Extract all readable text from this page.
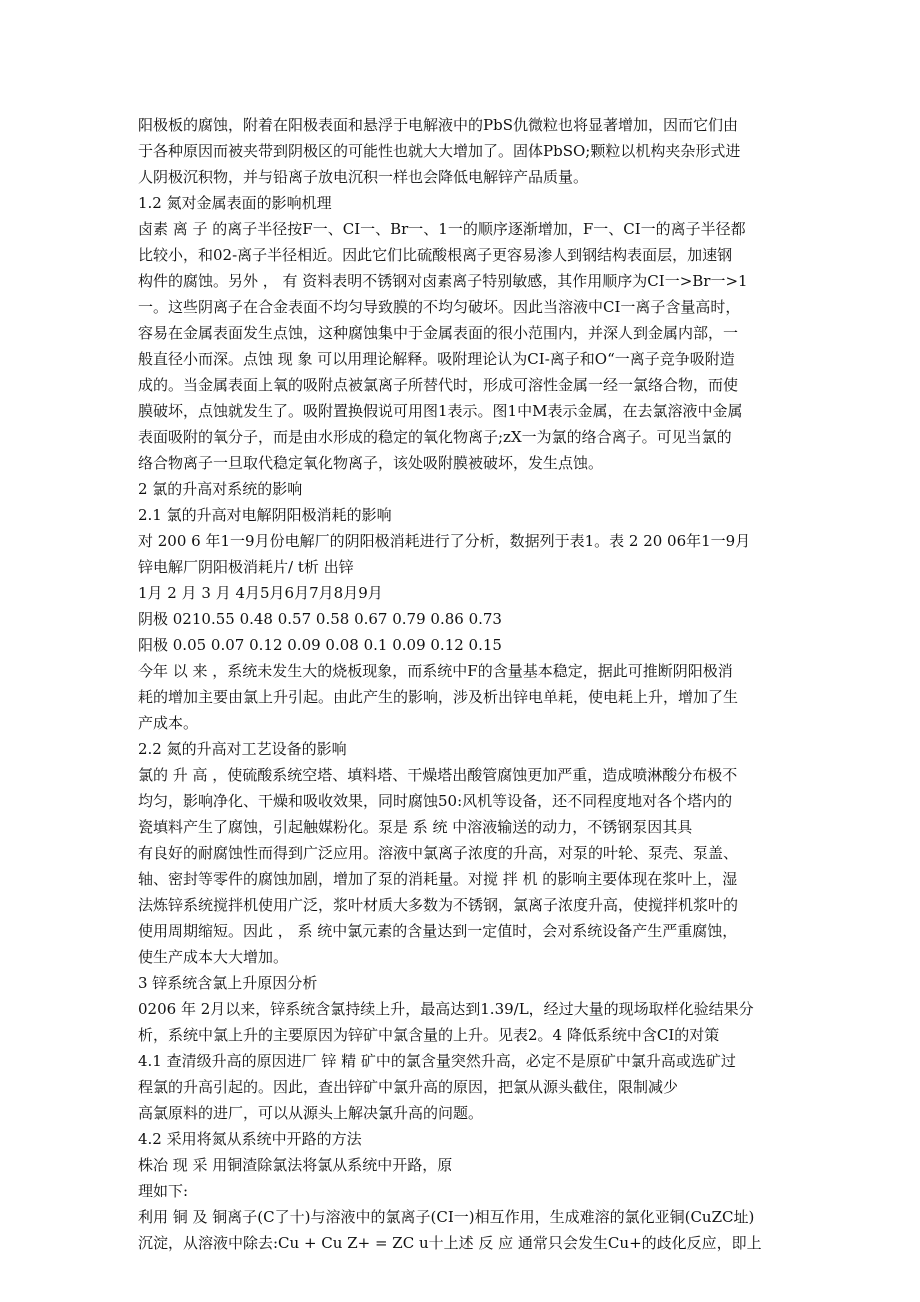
阳极板的腐蚀，附着在阳极表面和悬浮于电解液中的PbS仇微粒也将显著增加，因而它们由
于各种原因而被夹带到阴极区的可能性也就大大增加了。固体PbSO;颗粒以机构夹杂形式进
人阴极沉积物，并与铅离子放电沉积一样也会降低电解锌产品质量。
1.2 氮对金属表面的影响机理
卤素 离 子 的离子半径按F一、CI一、Br一、1一的顺序逐渐增加，F一、CI一的离子半径都
比较小，和02-离子半径相近。因此它们比硫酸根离子更容易渗人到钢结构表面层，加速钢
构件的腐蚀。另外 ， 有 资料表明不锈钢对卤素离子特别敏感，其作用顺序为CI一>Br一>1
一。这些阴离子在合金表面不均匀导致膜的不均匀破坏。因此当溶液中CI一离子含量高时，
容易在金属表面发生点蚀，这种腐蚀集中于金属表面的很小范围内，并深人到金属内部，一
般直径小而深。点蚀 现 象 可以用理论解释。吸附理论认为CI-离子和O“一离子竞争吸附造
成的。当金属表面上氧的吸附点被氯离子所替代时，形成可溶性金属一经一氯络合物，而使
膜破坏，点蚀就发生了。吸附置换假说可用图1表示。图1中M表示金属，在去氯溶液中金属
表面吸附的氧分子，而是由水形成的稳定的氧化物离子;zX一为氯的络合离子。可见当氯的
络合物离子一旦取代稳定氧化物离子，该处吸附膜被破坏，发生点蚀。
2 氯的升高对系统的影响
2.1 氯的升高对电解阴阳极消耗的影响
对 200 6 年1一9月份电解厂的阴阳极消耗进行了分析，数据列于表1。表 2 20 06年1一9月
锌电解厂阴阳极消耗片/ t析 出锌
1月 2 月 3 月 4月5月6月7月8月9月
阴极 0210.55 0.48 0.57 0.58 0.67 0.79 0.86 0.73
阳极 0.05 0.07 0.12 0.09 0.08 0.1 0.09 0.12 0.15
今年 以 来 ，系统未发生大的烧板现象，而系统中F的含量基本稳定，据此可推断阴阳极消
耗的增加主要由氯上升引起。由此产生的影响，涉及析出锌电单耗，使电耗上升，增加了生
产成本。
2.2 氮的升高对工艺设备的影响
氯的 升 高 ，使硫酸系统空塔、填料塔、干燥塔出酸管腐蚀更加严重，造成喷淋酸分布极不
均匀，影响净化、干燥和吸收效果，同时腐蚀50:风机等设备，还不同程度地对各个塔内的
瓷填料产生了腐蚀，引起触媒粉化。泵是 系 统 中溶液输送的动力，不锈钢泵因其具
有良好的耐腐蚀性而得到广泛应用。溶液中氯离子浓度的升高，对泵的叶轮、泵壳、泵盖、
轴、密封等零件的腐蚀加剧，增加了泵的消耗量。对搅 拌 机 的影响主要体现在浆叶上，湿
法炼锌系统搅拌机使用广泛，浆叶材质大多数为不锈钢，氯离子浓度升高，使搅拌机浆叶的
使用周期缩短。因此 ， 系 统中氯元素的含量达到一定值时，会对系统设备产生严重腐蚀，
使生产成本大大增加。
3 锌系统含氯上升原因分析
0206 年 2月以来，锌系统含氯持续上升，最高达到1.39/L，经过大量的现场取样化验结果分
析，系统中氯上升的主要原因为锌矿中氯含量的上升。见表2。4 降低系统中含CI的对策
4.1 查清级升高的原因进厂 锌 精 矿中的氯含量突然升高，必定不是原矿中氯升高或选矿过
程氯的升高引起的。因此，查出锌矿中氯升高的原因，把氯从源头截住，限制减少
高氯原料的进厂，可以从源头上解决氯升高的问题。
4.2 采用将氮从系统中开路的方法
株冶 现 采 用铜渣除氯法将氯从系统中开路，原
理如下:
利用 铜 及 铜离子(C了十)与溶液中的氯离子(CI一)相互作用，生成难溶的氯化亚铜(CuZC址)
沉淀，从溶液中除去:Cu + Cu Z+ = ZC u十上述 反 应 通常只会发生Cu+的歧化反应，即上
